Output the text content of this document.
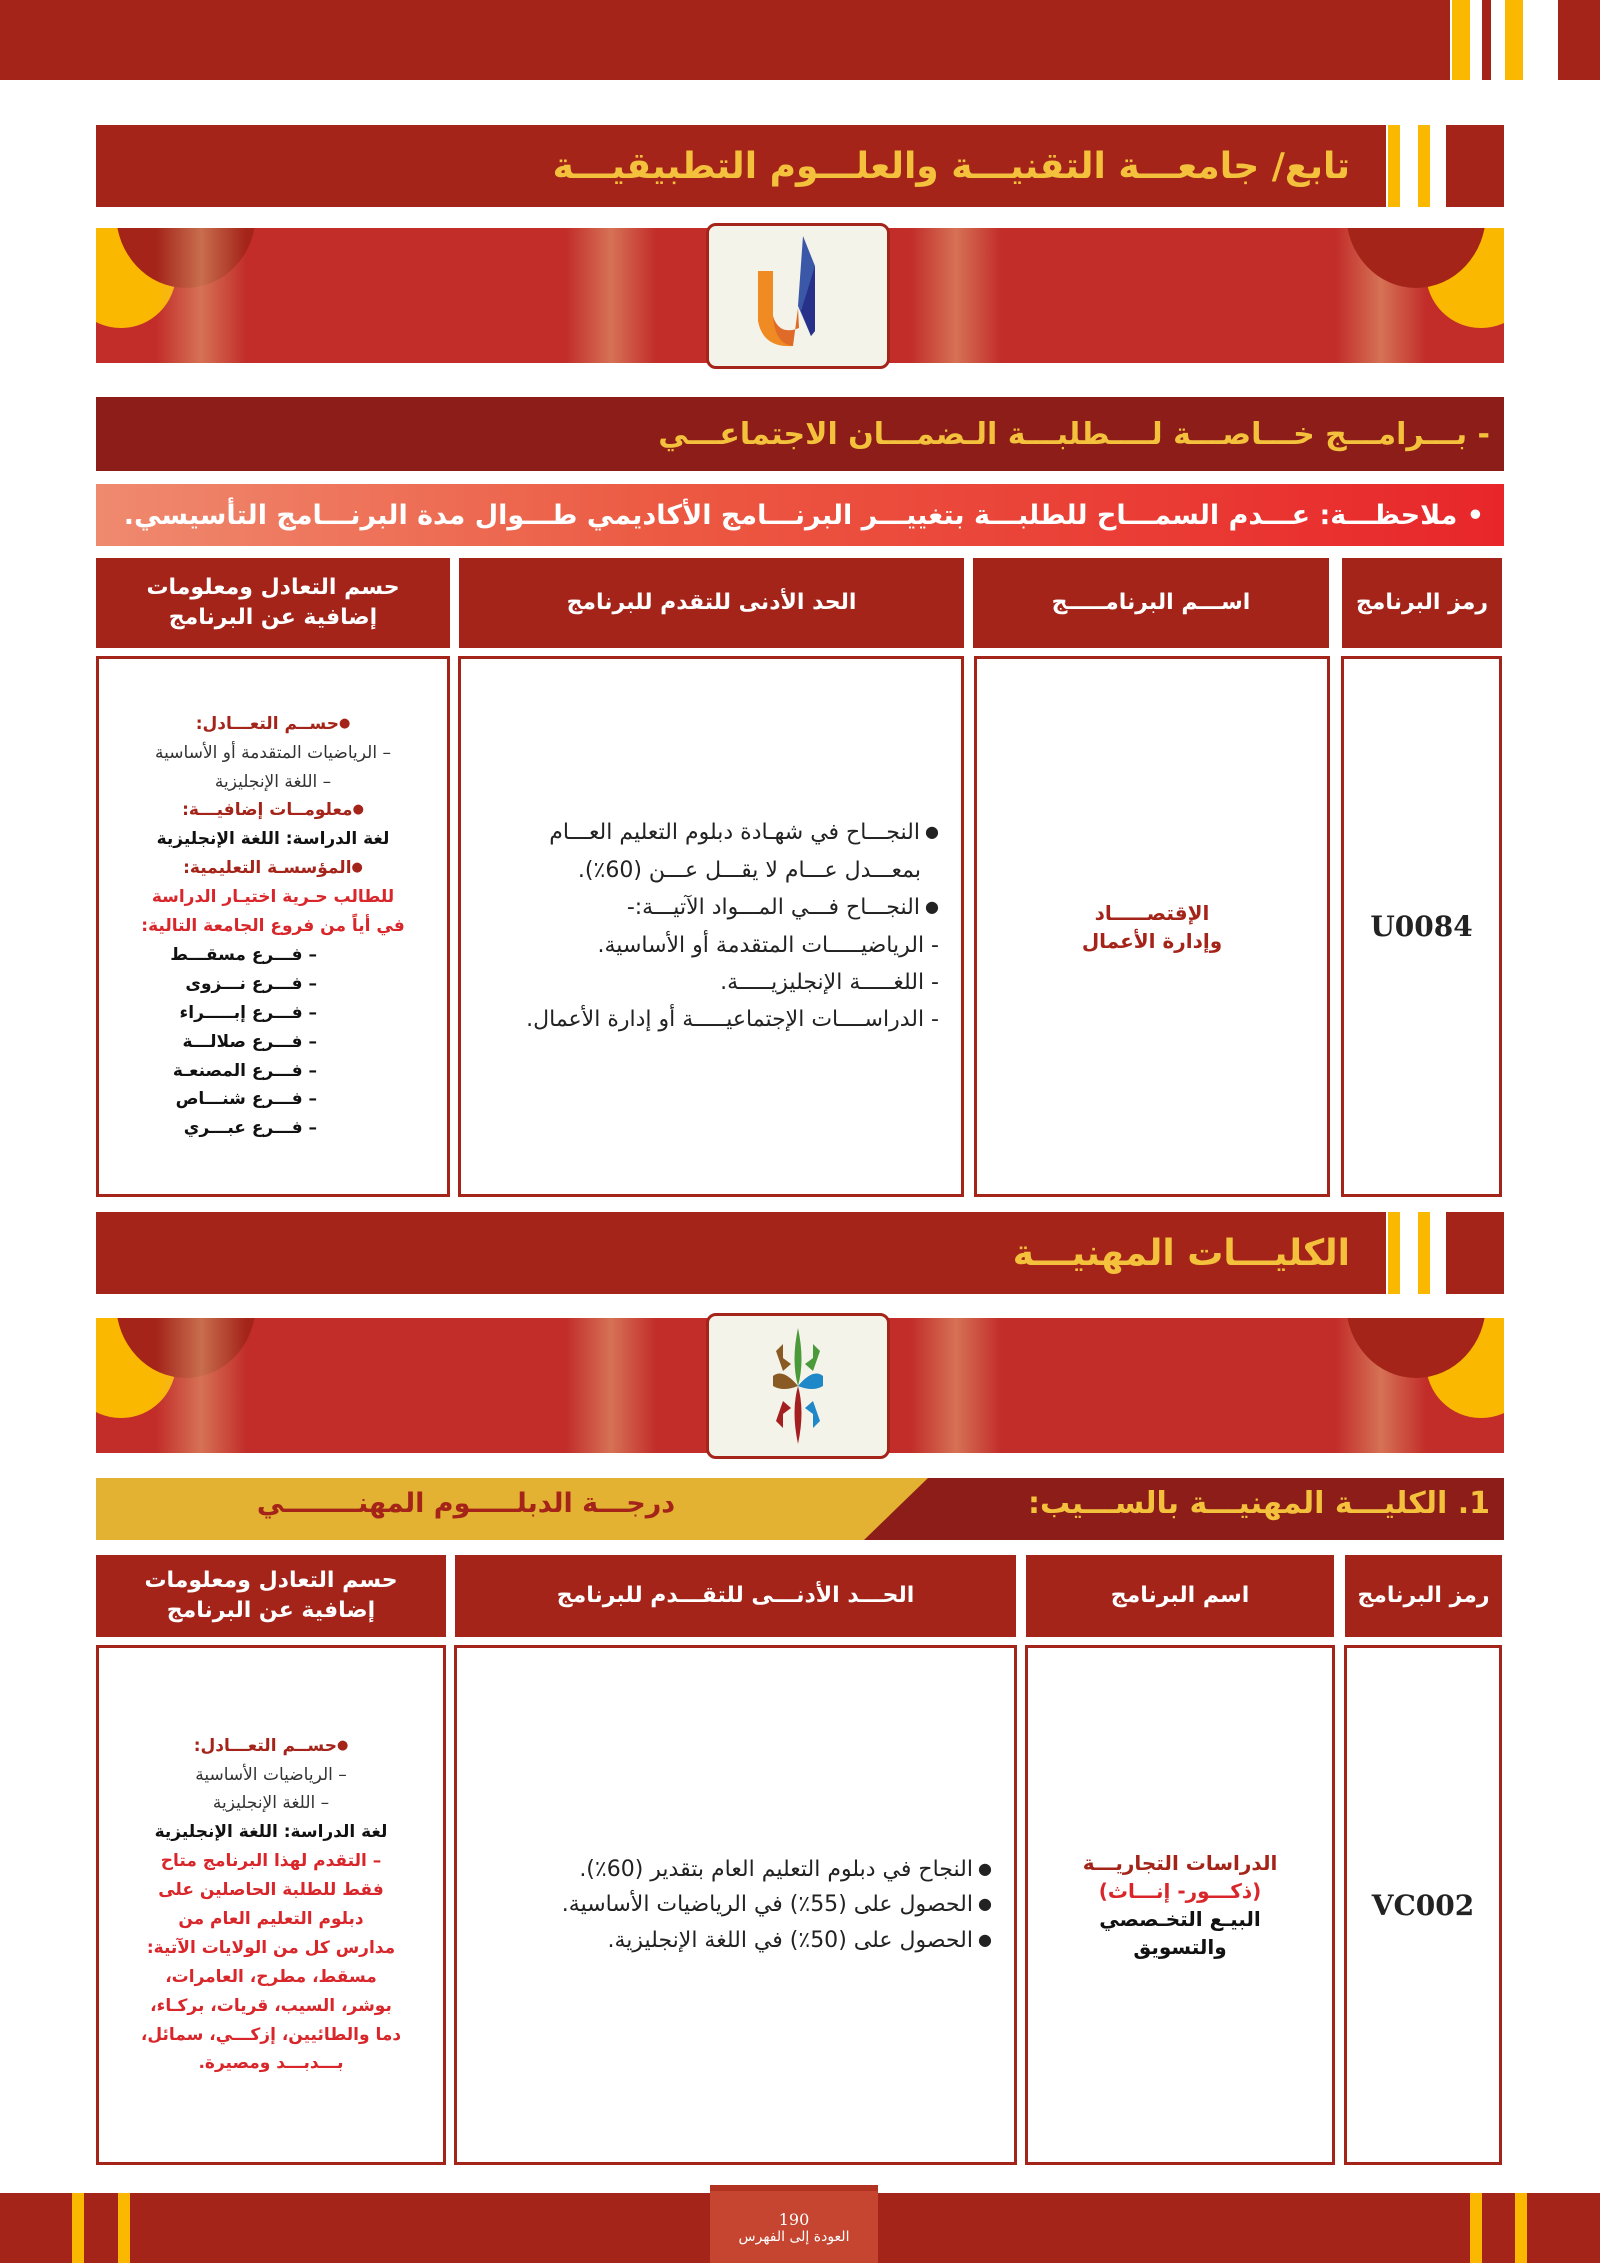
تابع/ جامعـــة التقنيـــة والعلـــوم التطبيقيـــة
- بـــرامـــج خـــاصـــة لــــطلبـــة الـضمـــان الاجتماعـــي
• ملاحظـــة: عـــدم السمـــاح للطلبـــة بتغييـــر البرنـــامج الأكاديمي طـــوال مدة البرنـــامج التأسيسي.
رمز البرنامج
اســـم البرنامـــــج
الحد الأدنى للتقدم للبرنامج
حسم التعادل ومعلومات
إضافية عن البرنامج
U0084
الإقتصـــــاد
وإدارة الأعمال
● النجـــاح في شهـادة دبلوم التعليم العـــام
بمعـــدل عـــام لا يقـــل عـــن (60٪).
● النجـــاح فـــي المـــواد الآتيـــة:-
- الرياضيـــــات المتقدمة أو الأساسية.
- اللغـــــة الإنجليزيـــــة.
- الدراســــات الإجتماعيـــــة أو إدارة الأعمال.
● حســم التعـــادل:
– الرياضيات المتقدمة أو الأساسية
– اللغة الإنجليزية
● معلومــات إضافيـــة:
لغة الدراسة: اللغة الإنجليزية
● المؤسسـة التعليمية:
للطالب حـرية اختيـار الدراسة
في أياً من فروع الجامعة التالية:
– فـــرع مسقـــط
– فـــرع نـــزوى
– فـــرع إبـــــراء
– فـــرع صلالـــة
– فـــرع المصنعـة
– فـــرع شنـــاص
– فـــرع عبـــري
الكليـــات المهنيـــة
1. الكليـــة المهنيـــة بالســـيب:
درجـــة الدبلـــــوم المهنــــــــي
رمز البرنامج
اسم البرنامج
الحـــد الأدنـــى للتقـــدم للبرنامج
حسم التعادل ومعلومات
إضافية عن البرنامج
VC002
الدراسات التجاريـــة
(ذكـــور- إنـــاث)
البيـع التخـصصي
والتسويق
● النجاح في دبلوم التعليم العام بتقدير (60٪).
● الحصول على (55٪) في الرياضيات الأساسية.
● الحصول على (50٪) في اللغة الإنجليزية.
● حســم التعـــادل:
– الرياضيات الأساسية
– اللغة الإنجليزية
لغة الدراسة: اللغة الإنجليزية
– التقدم لهذا البرنامج متاح
فقط للطلبة الحاصلين على
دبلوم التعليم العام من
مدارس كل من الولايات الآتية:
مسقط، مطرح، العامرات،
بوشر، السيب، قريات، بركـاء،
دما والطائيين، إزكـــي، سمائل،
بـــدبـــد ومصيرة.
190
العودة إلى الفهرس
